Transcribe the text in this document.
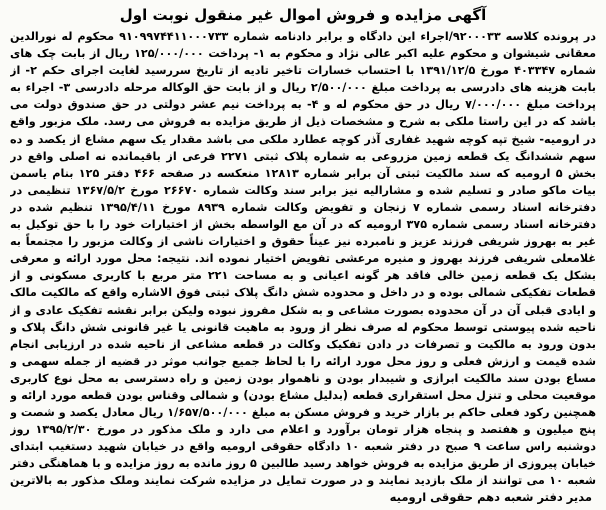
آگهی مزایده و فروش اموال غیر منقول نوبت اول

در پرونده کلاسه ۹۲۰۰۰۳۳/اجراء این دادگاه و برابر دادنامه شماره ۹۱۰۹۹۷۴۴۱۱۰۰۰۷۳۳ محکوم له نورالدین معقانی شیشوان و محکوم علیه اکبر عالی نژاد و محکوم به ۱- پرداخت ۱۲۵/۰۰۰/۰۰۰ ریال از بابت چک های شماره ۴۰۳۳۴۷ مورخ ۱۳۹۱/۱۲/۵ با احتساب خسارات تاخیر تادیه از تاریخ سررسید لغایت اجرای حکم ۲- از بابت هزینه های دادرسی به پرداخت مبلغ ۲/۵۰۰/۰۰۰ ریال و از بابت حق الوکاله مرحله دادرسی ۳- اجراء به پرداخت مبلغ ۷/۰۰۰/۰۰۰ ریال در حق محکوم له و ۴- به پرداخت نیم عشر دولتی در حق صندوق دولت می باشد که در این راستا ملکی به شرح و مشخصات ذیل از طریق مزایده به فروش می رسد. ملک مزبور واقع در ارومیه- شیخ تپه کوچه شهید غفاری آذر کوچه عطارد ملکی می باشد مقدار یک سهم مشاع از یکصد و ده سهم ششدانگ یک قطعه زمین مزروعی به شماره پلاک ثبتی ۲۲۷۱ فرعی از باقیمانده نه اصلی واقع در بخش ۵ ارومیه که سند مالکیت ثبتی آن برابر شماره ۱۲۸۱۳ منعکسه در صفحه ۴۶۶ دفتر ۱۲۵ بنام یاسمن بیات ماکو صادر و تسلیم شده و مشارالیه نیز برابر سند وکالت شماره ۲۶۶۷۰ مورخ ۱۳۶۷/۵/۲ تنظیمی در دفترخانه اسناد رسمی شماره ۷ زنجان و تفویض وکالت شماره ۸۹۳۹ مورخ ۱۳۹۵/۴/۱۱ تنظیم شده در دفترخانه اسناد رسمی شماره ۳۷۵ ارومیه که در آن مع الواسطه بخش از اختیارات خود را با حق توکیل به غیر به بهروز شریفی فرزند عزیز و نامبرده نیز عیناً حقوق و اختیارات ناشی از وکالت مزبور را مجتمعاً به غلامعلی شریفی فرزند بهروز و منیره مرعشی تفویض اختیار نموده اند. نتیجه: محل مورد ارائه و معرفی بشکل یک قطعه زمین خالی فاقد هر گونه اعیانی و به مساحت ۲۲۱ متر مربع با کاربری مسکونی و از قطعات تفکیکی شمالی بوده و در داخل و محدوده شش دانگ پلاک ثبتی فوق الاشاره واقع که مالکیت مالک و ایادی قبلی آن در آن محدوده بصورت مشاعی و به شکل مفروز نبوده ولیکن برابر نقشه تفکیک عادی و از ناحیه شده پیوستی توسط محکوم له صرف نظر از ورود به ماهیت قانونی یا غیر قانونی شش دانگ پلاک و بدون ورود به مالکیت و تصرفات در دادن تفکیک وکالت در قطعه مشاعی از ناحیه شده در ارزیابی انجام شده قیمت و ارزش فعلی و روز محل مورد ارائه را با لحاظ جمیع جوانب موثر در قضیه از جمله سهمی و مساع بودن سند مالکیت ابرازی و شیبدار بودن و ناهموار بودن زمین و راه دسترسی به محل نوع کاربری موقعیت محلی و تنزل محل استقراری قطعه (بدلیل مشاع بودن) و شمالی وقناس بودن قطعه مورد ارائه و همچنین رکود فعلی حاکم بر بازار خرید و فروش مسکن به مبلغ ۱/۶۵۷/۵۰۰/۰۰۰ ریال معادل یکصد و شصت و پنج میلیون و هفتصد و پنجاه هزار تومان برآورد و اعلام می دارد و ملک مذکور در مورخ ۱۳۹۵/۲/۳۰ روز دوشنبه راس ساعت ۹ صبح در دفتر شعبه ۱۰ دادگاه حقوقی ارومیه واقع در خیابان شهید دستغیب ابتدای خیابان پیروزی از طریق مزایده به فروش خواهد رسید طالبین ۵ روز مانده به روز مزایده و با هماهنگی دفتر شعبه ۱۰ می توانند از ملک بازدید نمایند و در صورت تمایل در مزایده شرکت نمایند وملک مذکور به بالاترین

مدیر دفتر شعبه دهم حقوقی ارومیه
